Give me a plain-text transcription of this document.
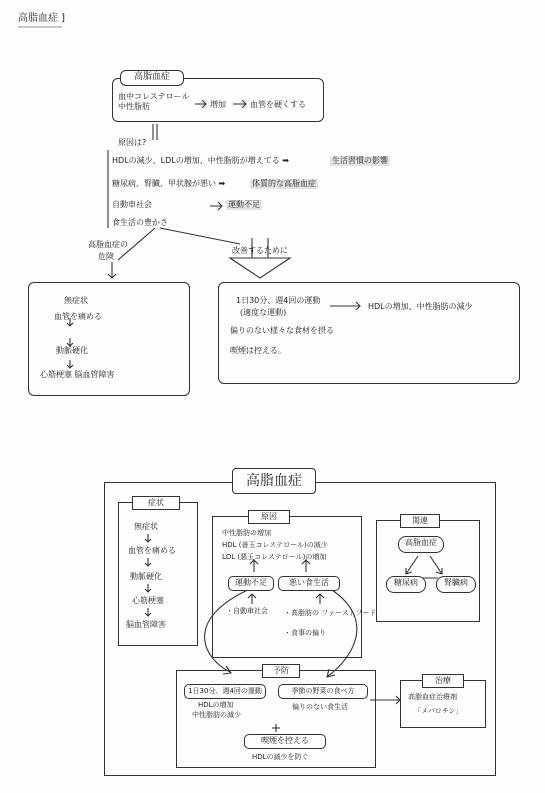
高脂血症 ]
高脂血症
血中コレステロール
中性脂肪	増加	血管を硬くする
原因は?
HDLの減少、LDLの増加、中性脂肪が増えてる ➡	生活習慣の影響
糖尿病、腎臓、甲状腺が悪い ➡	体質的な高脂血症
自動車社会	運動不足
食生活の豊かさ
高脂血症の
危険
無症状
血管を痛める
動脈硬化
心筋梗塞 脳血管障害
改善するために
1日30分、週4回の運動
(適度な運動)
HDLの増加、中性脂肪の減少
偏りのない様々な食材を摂る
喫煙は控える。
高脂血症
症状
無症状
血管を痛める
動脈硬化
心筋梗塞
脳血管障害
原因
中性脂肪の増加
HDL (善玉コレステロール)の減少
LDL (悪玉コレステロール)の増加
運動不足	悪い食生活
・自動車社会 ・高脂肪の ファーストフード
・食事の偏り
関連
高脂血症
糖尿病	腎臓病
予防
1日30分、週4回の運動
HDLの増加
中性脂肪の減少
季節の野菜の食べ方
偏りのない食生活
喫煙を控える
HDLの減少を防ぐ
治療
高脂血症治療剤
「メバロチン」
